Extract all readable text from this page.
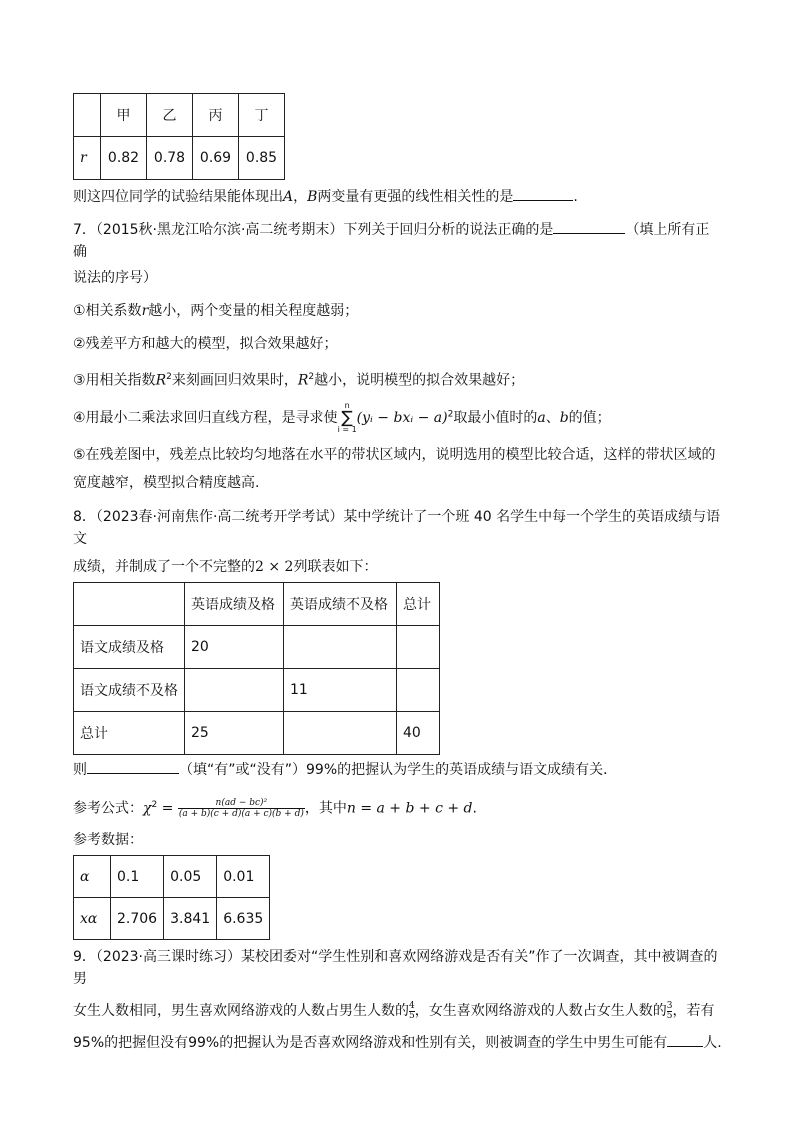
	甲	乙	丙	丁
r	0.82	0.78	0.69	0.85

则这四位同学的试验结果能体现出A，B两变量有更强的线性相关性的是	.

7．（2015秋·黑龙江哈尔滨·高二统考期末）下列关于回归分析的说法正确的是	（填上所有正确

说法的序号）

①相关系数r越小，两个变量的相关程度越弱；

②残差平方和越大的模型，拟合效果越好；

③用相关指数$R^2$来刻画回归效果时，$R^2$越小，说明模型的拟合效果越好；

④用最小二乘法求回归直线方程，是寻求使
n
∑
i = 1
(yᵢ − bxᵢ − a)$^2$取最小值时的a、b的值；

⑤在残差图中，残差点比较均匀地落在水平的带状区域内，说明选用的模型比较合适，这样的带状区域的

宽度越窄，模型拟合精度越高.

8．（2023春·河南焦作·高二统考开学考试）某中学统计了一个班 40 名学生中每一个学生的英语成绩与语文

成绩，并制成了一个不完整的2 × 2列联表如下：

	英语成绩及格	英语成绩不及格	总计
语文成绩及格	20		
语文成绩不及格		11	
总计	25		40

则	（填“有”或“没有”）99%的把握认为学生的英语成绩与语文成绩有关．

参考公式：$\chi^2 = \frac{\text{n(ad − bc)²}}{(a + b)(c + d)(a + c)(b + d)}$ ，其中n = a + b + c + d.

参考数据：

α	0.1	0.05	0.01
xα	2.706	3.841	6.635

9．（2023·高三课时练习）某校团委对“学生性别和喜欢网络游戏是否有关”作了一次调查，其中被调查的男

女生人数相同，男生喜欢网络游戏的人数占男生人数的 $\frac{4}{5}$ ，女生喜欢网络游戏的人数占女生人数的 $\frac{3}{5}$ ，若有

95%的把握但没有99%的把握认为是否喜欢网络游戏和性别有关，则被调查的学生中男生可能有	人.
